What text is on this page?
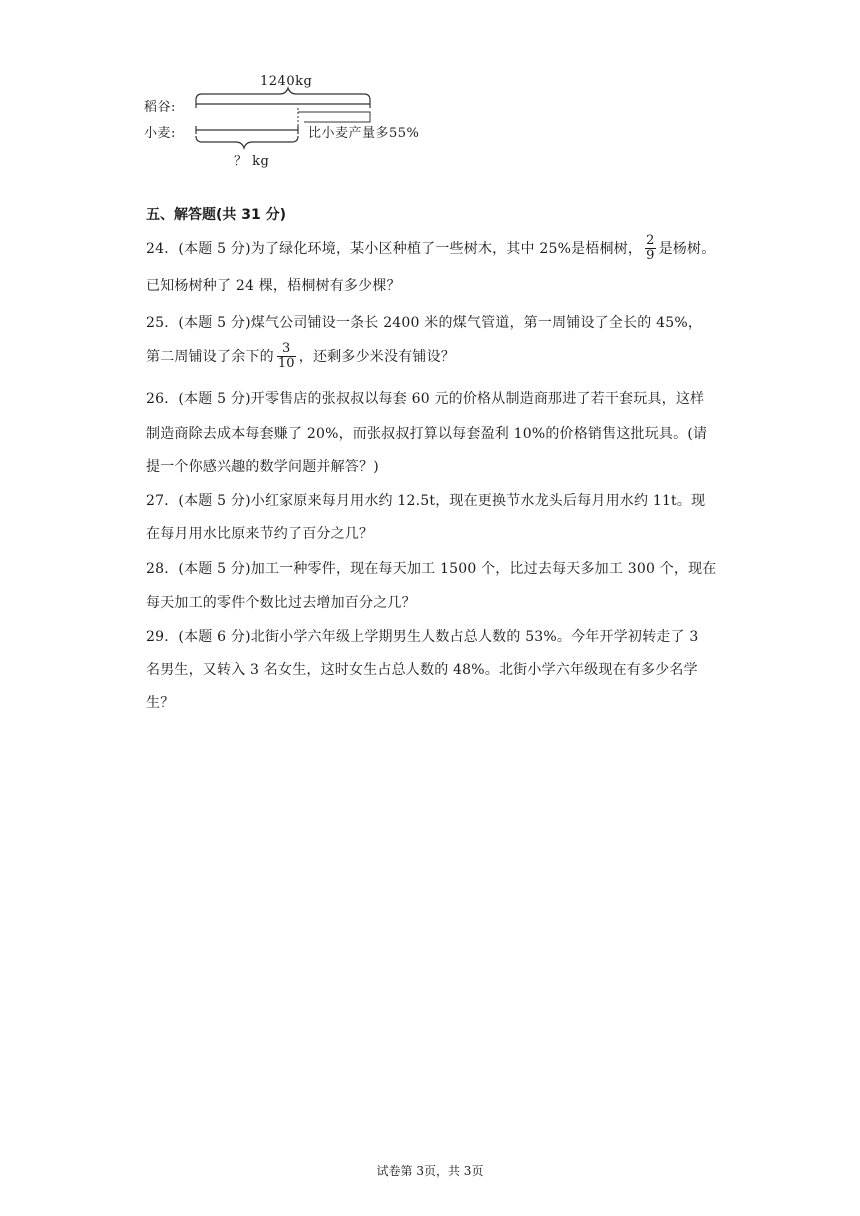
稻谷:
小麦:
1240kg
比小麦产量多55%
？ kg
五、解答题(共 31 分)
24．(本题 5 分)为了绿化环境，某小区种植了一些树木，其中 25%是梧桐树， $\frac{2}{9}$ 是杨树。
已知杨树种了 24 棵，梧桐树有多少棵？
25．(本题 5 分)煤气公司铺设一条长 2400 米的煤气管道，第一周铺设了全长的 45%，
第二周铺设了余下的 $\frac{3}{10}$ ，还剩多少米没有铺设？
26．(本题 5 分)开零售店的张叔叔以每套 60 元的价格从制造商那进了若干套玩具，这样
制造商除去成本每套赚了 20%，而张叔叔打算以每套盈利 10%的价格销售这批玩具。(请
提一个你感兴趣的数学问题并解答？)
27．(本题 5 分)小红家原来每月用水约 12.5t，现在更换节水龙头后每月用水约 11t。现
在每月用水比原来节约了百分之几？
28．(本题 5 分)加工一种零件，现在每天加工 1500 个，比过去每天多加工 300 个，现在
每天加工的零件个数比过去增加百分之几？
29．(本题 6 分)北街小学六年级上学期男生人数占总人数的 53%。今年开学初转走了 3
名男生，又转入 3 名女生，这时女生占总人数的 48%。北街小学六年级现在有多少名学
生？
试卷第 3页，共 3页
